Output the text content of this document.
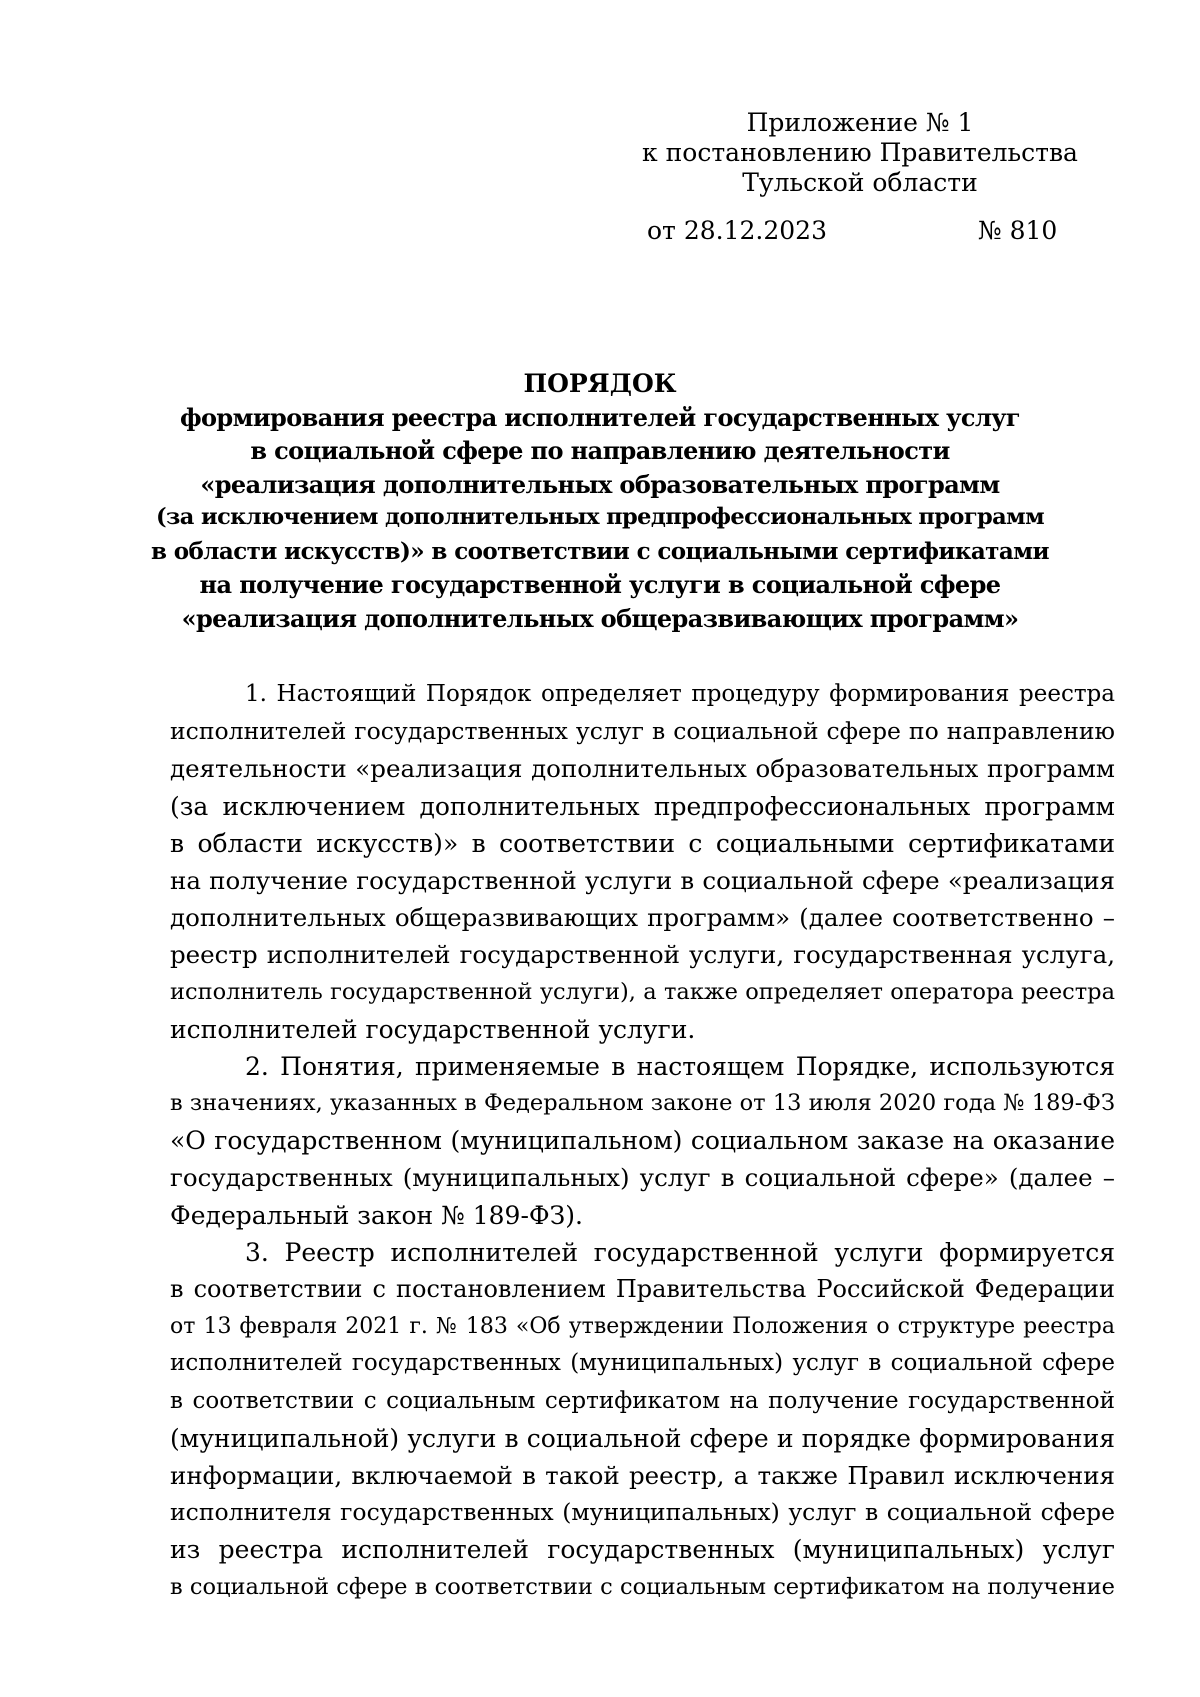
Приложение № 1
к постановлению Правительства
Тульской области
от 28.12.2023	№ 810
ПОРЯДОК
формирования реестра исполнителей государственных услуг
в социальной сфере по направлению деятельности
«реализация дополнительных образовательных программ
(за исключением дополнительных предпрофессиональных программ
в области искусств)» в соответствии с социальными сертификатами
на получение государственной услуги в социальной сфере
«реализация дополнительных общеразвивающих программ»
1. Настоящий Порядок определяет процедуру формирования реестра
исполнителей государственных услуг в социальной сфере по направлению
деятельности «реализация дополнительных образовательных программ
(за исключением дополнительных предпрофессиональных программ
в области искусств)» в соответствии с социальными сертификатами
на получение государственной услуги в социальной сфере «реализация
дополнительных общеразвивающих программ» (далее соответственно –
реестр исполнителей государственной услуги, государственная услуга,
исполнитель государственной услуги), а также определяет оператора реестра
исполнителей государственной услуги.
2. Понятия, применяемые в настоящем Порядке, используются
в значениях, указанных в Федеральном законе от 13 июля 2020 года № 189-ФЗ
«О государственном (муниципальном) социальном заказе на оказание
государственных (муниципальных) услуг в социальной сфере» (далее –
Федеральный закон № 189-ФЗ).
3. Реестр исполнителей государственной услуги формируется
в соответствии с постановлением Правительства Российской Федерации
от 13 февраля 2021 г. № 183 «Об утверждении Положения о структуре реестра
исполнителей государственных (муниципальных) услуг в социальной сфере
в соответствии с социальным сертификатом на получение государственной
(муниципальной) услуги в социальной сфере и порядке формирования
информации, включаемой в такой реестр, а также Правил исключения
исполнителя государственных (муниципальных) услуг в социальной сфере
из реестра исполнителей государственных (муниципальных) услуг
в социальной сфере в соответствии с социальным сертификатом на получение
